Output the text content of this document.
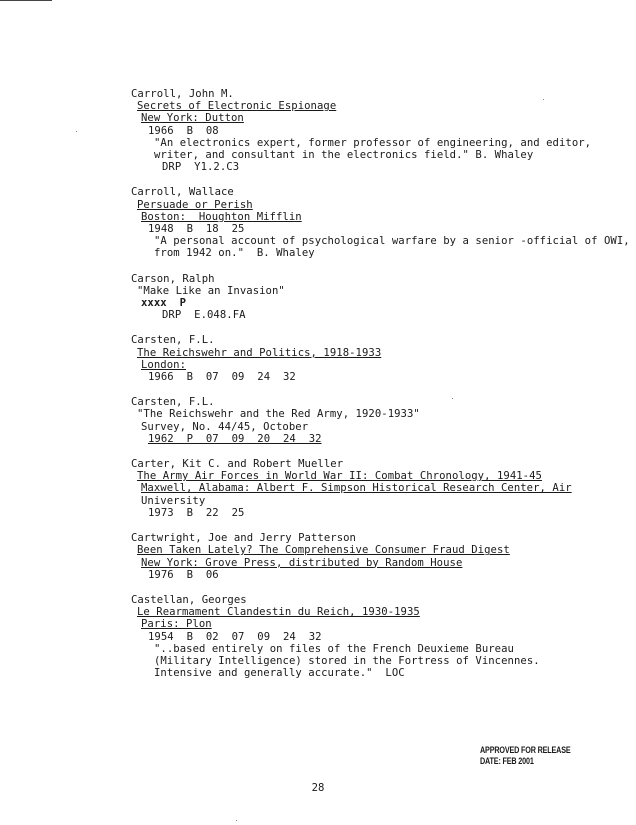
Carroll, John M.
Secrets of Electronic Espionage
New York: Dutton
1966  B  08
"An electronics expert, former professor of engineering, and editor,
writer, and consultant in the electronics field." B. Whaley
DRP  Y1.2.C3
Carroll, Wallace
Persuade or Perish
Boston:  Houghton Mifflin
1948  B  18  25
"A personal account of psychological warfare by a senior -official of OWI,
from 1942 on."  B. Whaley
Carson, Ralph
"Make Like an Invasion"
xxxx  P
DRP  E.048.FA
Carsten, F.L.
The Reichswehr and Politics, 1918-1933
London:
1966  B  07  09  24  32
Carsten, F.L.
"The Reichswehr and the Red Army, 1920-1933"
Survey, No. 44/45, October
1962  P  07  09  20  24  32
Carter, Kit C. and Robert Mueller
The Army Air Forces in World War II: Combat Chronology, 1941-45
Maxwell, Alabama: Albert F. Simpson Historical Research Center, Air
University
1973  B  22  25
Cartwright, Joe and Jerry Patterson
Been Taken Lately? The Comprehensive Consumer Fraud Digest
New York: Grove Press, distributed by Random House
1976  B  06
Castellan, Georges
Le Rearmament Clandestin du Reich, 1930-1935
Paris: Plon
1954  B  02  07  09  24  32
"..based entirely on files of the French Deuxieme Bureau
(Military Intelligence) stored in the Fortress of Vincennes.
Intensive and generally accurate."  LOC
APPROVED FOR RELEASE
DATE: FEB 2001
28
